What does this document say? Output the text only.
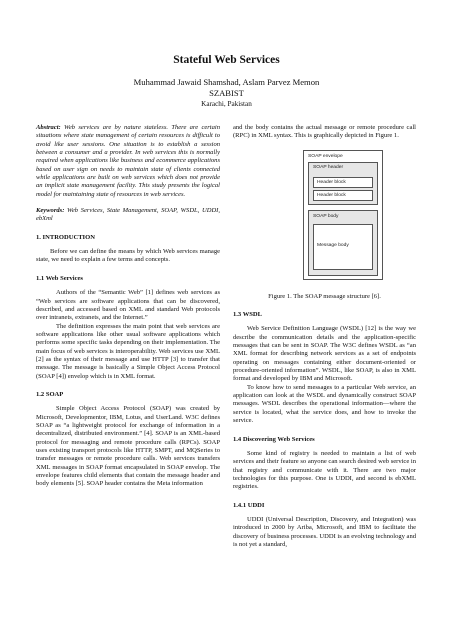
Stateful Web Services
Muhammad Jawaid Shamshad, Aslam Parvez Memon
SZABIST
Karachi, Pakistan

Abstract: Web services are by nature stateless. There are certain situations where state management of certain resources is difficult to avoid like user sessions. One situation is to establish a session between a consumer and a provider. In web services this is normally required when applications like business and ecommerce applications based on user sign on needs to maintain state of clients connected while applications are built on web services which does not provide an implicit state management facility. This study presents the logical model for maintaining state of resources in web services.

Keywords: Web Services, State Management, SOAP, WSDL, UDDI, ebXml

1. INTRODUCTION

Before we can define the means by which Web services manage state, we need to explain a few terms and concepts.

1.1 Web Services

Authors of the “Semantic Web” [1] defines web services as “Web services are software applications that can be discovered, described, and accessed based on XML and standard Web protocols over intranets, extranets, and the Internet.”

The definition expresses the main point that web services are software applications like other usual software applications which performs some specific tasks depending on their implementation. The main focus of web services is interoperability. Web services use XML [2] as the syntax of their message and use HTTP [3] to transfer that message. The message is basically a Simple Object Access Protocol (SOAP [4]) envelop which is in XML format.

1.2 SOAP

Simple Object Access Protocol (SOAP) was created by Microsoft, Developmentor, IBM, Lotus, and UserLand. W3C defines SOAP as “a lightweight protocol for exchange of information in a decentralized, distributed environment.” [4]. SOAP is an XML-based protocol for messaging and remote procedure calls (RPCs). SOAP uses existing transport protocols like HTTP, SMPT, and MQSeries to transfer messages or remote procedure calls. Web services transfers XML messages in SOAP format encapsulated in SOAP envelop. The envelope features child elements that contain the message header and body elements [5]. SOAP header contains the Meta information

and the body contains the actual message or remote procedure call (RPC) in XML syntax. This is graphically depicted in Figure 1.

SOAP envelope
SOAP header
Header block
Header block
SOAP body
Message body

Figure 1. The SOAP message structure [6].

1.3 WSDL

Web Service Definition Language (WSDL) [12] is the way we describe the communication details and the application-specific messages that can be sent in SOAP. The W3C defines WSDL as “an XML format for describing network services as a set of endpoints operating on messages containing either document-oriented or procedure-oriented information”. WSDL, like SOAP, is also in XML format and developed by IBM and Microsoft.

To know how to send messages to a particular Web service, an application can look at the WSDL and dynamically construct SOAP messages. WSDL describes the operational information—where the service is located, what the service does, and how to invoke the service.

1.4 Discovering Web Services

Some kind of registry is needed to maintain a list of web services and their feature so anyone can search desired web service in that registry and communicate with it. There are two major technologies for this purpose. One is UDDI, and second is ebXML registries.

1.4.1 UDDI

UDDI (Universal Description, Discovery, and Integration) was introduced in 2000 by Ariba, Microsoft, and IBM to facilitate the discovery of business processes. UDDI is an evolving technology and is not yet a standard,
